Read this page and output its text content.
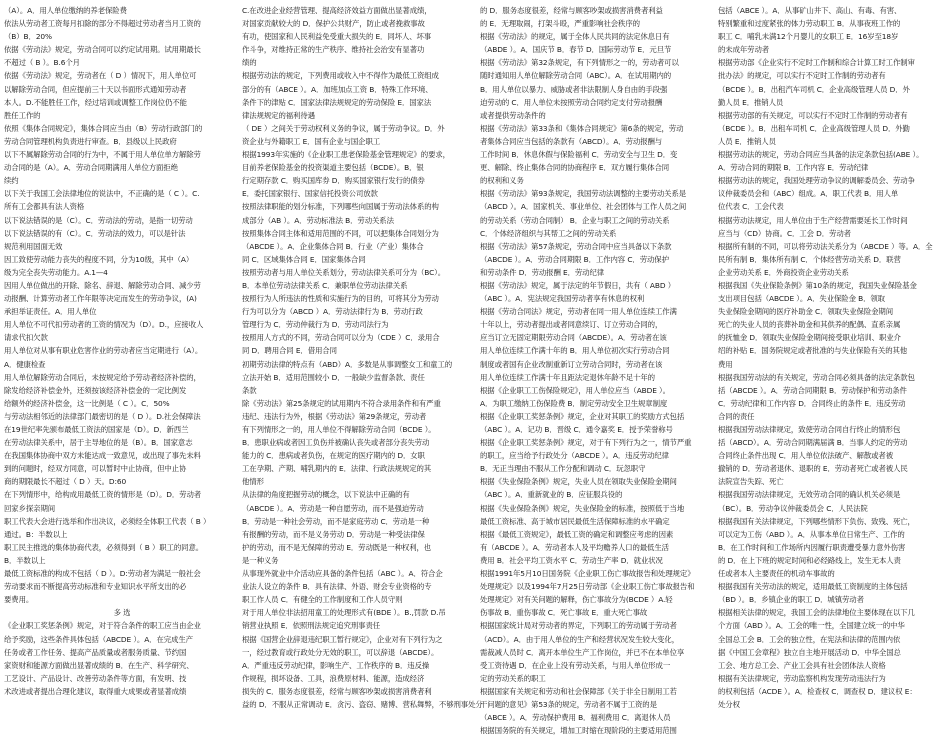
（A）。A．用人单位缴纳的养老保险费
依法从劳动者工资每月扣除的部分不得超过劳动者当月工资的
（B）B．20%
依据《劳动法》规定，劳动合同可以约定试用期。试用期最长
不超过（ B ）。B.6个月
依据《劳动法》规定，劳动者在（ D ）情况下，用人单位可
以解除劳动合同，但应提前三十天以书面形式通知劳动者
本人。D.不能胜任工作，经过培训或调整工作岗位仍不能
胜任工作的
依照《集体合同规定》，集体合同应当由（B）劳动行政部门的
劳动合同管理机构负责进行审查。B．县级以上民政府
以下不属解除劳动合同的行为中，不属于用人单位单方解除劳
动合同的是（A）。A．劳动合同期满用人单位方面拒绝
续约
以下关于我国工会法律地位的说法中，不正确的是（ C ）。C.
所有工会都具有法人资格
以下说法错误的是（C）。C．劳动法的劳动，是指一切劳动
以下说法错误的有（C）。C．劳动法的效力，可以是针法
规范利用国面无效
因工致使劳动能力丧失的程度不同，分为10级，其中（A）
级为完全丧失劳动能力。A.1—4
因用人单位做出的开除、除名、辞退、解除劳动合同、减少劳
动报酬、计算劳动者工作年限等决定而发生的劳动争议，(A)
承担举证责任。A．用人单位
用人单位不可代扣劳动者的工资的情况为（D）。D.，应接收人
请求代扣欠款
用人单位对从事有职业危害作业的劳动者应当定期进行（A）。
A．健康检查
用人单位解除劳动合同后，未按规定给予劳动者经济补偿的，
除发给经济补偿金外，还须按该经济补偿金的一定比例发
给额外的经济补偿金，这一比例是（ C ）。C．50%
与劳动法相邻近的法律部门最密切的是（ D ）。D.社会保障法
在19世纪率先颁布最低工资法的国家是（D）。D．新西兰
在劳动法律关系中，居于主导地位的是（B）。B．国家意志
在我国集体协商中双方未能达成一致意见，或出现了事先未料
到的问题时，经双方同意，可以暂时中止协商，但中止协
商的期限最长不超过（ D ）天。D:60
在下列情形中，给构成用最低工资的情形是（D）。D．劳动者
回家乡探亲期间
职工代表大会进行选举和作出决议，必须经全体职工代表（ B ）
通过。B：半数以上
职工民主推选的集体协商代表，必须得到（ B ）职工的同意。
B．半数以上
最低工资标准的构成不包括（ D ）。D:劳动者为满足一般社会
劳动要求而不断提高劳动标准和专业知识水平所支出的必
要费用。
多 选
《企业职工奖惩条例》规定，对于符合条件的职工应当由企业
给予奖励，这些条件具体包括（ABCDE ）。A．在完成生产
任务或者工作任务、提高产品质量或者服务质量、节约国
家资财和能源方面做出显著成绩的 B．在生产、科学研究、
工艺设计、产品设计、改善劳动条件等方面，有发明、技
术改进或者提出合理化建议，取得重大成果或者显著成绩
C.在改进企业经营管理、提高经济效益方面做出显著成绩，
对国家贡献较大的 D．保护公共财产，防止或者挽救事故
有功，使国家和人民利益免受重大损失的 E．同坏人、坏事
作斗争，对维持正常的生产秩序、维持社会治安有显著功
绩的
根据劳动法的规定，下列费用或收入中不得作为最低工资组成
部分的有（ABCE ）。A．加班加点工资 B．特殊工作环境、
条件下的津贴 C．国家法律法规规定的劳动保险 E．国家法
律法规规定的福利待遇
（ DE ）之间关于劳动权利义务的争议，属于劳动争议。D．外
资企业与外籍职工 E．国有企业与国企职工
根据1993年实施的《企业职工患老保险基金管理规定》的要求，
目前养老保险基金的投资渠道主要包括（BCDE）。B．银
行定期存款 C．购买国库券 D．购买国家银行发行的债券
E．委托国家银行、国家信托投资公司放款
按照法律职能的划分标准，下列哪些向国属于劳动法体系的构
成部分（AB ）。A．劳动标准法 B．劳动关系法
按照集体合同主体和适用范围的不同，可以把集体合同划分为
（ABCDE ）。A．企业集体合同 B．行业（产业）集体合
同 C．区域集体合同 E．国家集体合同
按照劳动者与用人单位关系划分，劳动法律关系可分为（BC）。
B．本单位劳动法律关系 C．兼职单位劳动法律关系
按照行为人所违法的性质和实施行为的目的，可将其分为劳动
行为可以分为（ABCD ）A．劳动法律行为 B．劳动行政
管理行为 C．劳动仲裁行为 D．劳动司法行为
按照用人方式的不同，劳动合同可以分为（CDE ）C．录用合
同 D．聘用合同 E．借用合同
初期劳动法律的特点有（ABD）A．多数是从事调整女工和童工的
立法开始 B．适用范围较小 D．一般缺少监督条款、责任
条款
除《劳动法》第25条规定的试用期内不符合录用条件和有严重
违纪、违法行为外，根据《劳动法》第29条规定，劳动者
有下列情形之一的，用人单位不得解除劳动合同（BCDE ）。
B．患职业病或者因工负伤并被确认丧失或者部分丧失劳动
能力的 C．患病或者负伤，在规定的医疗期内的 D．女职
工在孕期、产期、哺乳期内的 E．法律、行政法规规定的其
他情形
从法律的角度把握劳动的概念，以下说法中正确的有
（ABCDE ）。A．劳动是一种自愿劳动，而不是强迫劳动
B．劳动是一种社会劳动，而不是家庭劳动 C．劳动是一种
有报酬的劳动，而不是义务劳动 D．劳动是一种受法律保
护的劳动，而不是无保障的劳动 E．劳动既是一种权利，也
是一种义务
从事现外就业中介活动应具备的条件包括（ABC ）。A．符合企
业法人设立的条件 B．具有法律、外语、财会专业资格的专
职工作人员 C．有健全的工作制度和工作人员守则
对于用人单位非法招用童工的处理形式有(BDE ）。B.,罚款 D.吊
销营业执照 E．依照刑法规定追究刑事责任
根据《国营企业辞退违纪职工暂行规定》，企业对有下列行为之
一，经过教育或行政处分无效的职工，可以辞退（ABCDE）。
A．严重违反劳动纪律，影响生产、工作秩序的 B．违反操
作规程，损坏设备、工具，浪费原材料、能源，造成经济
损失的 C．服务态度很差，经常与顾客吵架或损害消费者利
益的 D．不服从正常调动 E．贪污、盗窃、赌博、营私舞弊，不够刑事处分
的 D．服务态度很差，经常与顾客吵架或损害消费者利益
的 E．无理取闹，打架斗殴，严重影响社会秩序的
根据《劳动法》的规定，属于全体人民共同的法定休息日有
（ABDE ）。A．国庆节 B．春节 D．国际劳动节 E．元旦节
根据《劳动法》第32条规定，有下列情形之一的，劳动者可以
随时通知用人单位解除劳动合同（ABC）。A．在试用期内的
B．用人单位以暴力、威胁或者非法限制人身自由的手段强
迫劳动的 C．用人单位未按照劳动合同约定支付劳动报酬
或者提供劳动条件的
根据《劳动法》第33条和《集体合同规定》第6条的规定，劳动
者集体合同应当包括的条款有（ABCD）。A．劳动报酬与
工作时间 B．休息休假与保险福利 C．劳动安全与卫生 D．变
更、解除、终止集体合同的协商程序 E．双方履行集体合同
的权利和义务
根据《劳动法》第93条规定，我国劳动法调整的主要劳动关系是
（ABCD ）。A．国家机关、事业单位、社会团体与工作人员之间
的劳动关系（劳动合同制） B．企业与职工之间的劳动关系
C．个体经济组织与其帮工之间的劳动关系
根据《劳动法》第57条规定，劳动合同中应当具备以下条款
（ABCDE ）。A．劳动合同期限 B．工作内容 C．劳动保护
和劳动条件 D．劳动报酬 E．劳动纪律
根据《劳动法》规定，属于法定的年节假日，共有（ ABD ）
（ABC ）。A．宪法规定我国劳动者享有休息的权利
根据《劳动合同法》规定，劳动者在同一用人单位连续工作满
十年以上，劳动者提出或者同意续订、订立劳动合同的，
应当订立无固定期限劳动合同（ABCDE）。A．劳动者在该
用人单位连续工作满十年的 B．用人单位初次实行劳动合同
制度或者国有企业改制重新订立劳动合同时，劳动者在该
用人单位连续工作满十年且距法定退休年龄不足十年的
根据《企业职工工伤保险规定》，用人单位应当（ABDE ）。
A．为职工缴纳工伤保险费 B．制定劳动安全卫生规章制度
根据《企业职工奖惩条例》规定，企业对其职工的奖励方式包括
（ABC ）。A．记功 B．晋级 C．通令嘉奖 E．授予荣誉称号
根据《企业职工奖惩条例》规定，对于有下列行为之一，情节严重
的职工，应当给予行政处分（ABCDE ）。A．违反劳动纪律
B．无正当理由不服从工作分配和调动 C．玩忽职守
根据《失业保险条例》规定，失业人员在领取失业保险金期间
（ABC ）。A．重新就业的 B．应征服兵役的
根据《失业保险条例》规定，失业保险金的标准，按照低于当地
最低工资标准、高于城市居民最低生活保障标准的水平确定
根据《最低工资规定》，最低工资的确定和调整应考虑的因素
有（ABCDE ）。A．劳动者本人及平均赡养人口的最低生活
费用 B．社会平均工资水平 C．劳动生产率 D．就业状况
根据1991年5月10日国务院《企业职工伤亡事故报告和处理规定》
处理规定》以及1994年7月25日劳动部《企业职工伤亡事故报告和
处理规定》对有关问题的解释，伤亡事故分为(BCDE ）A.轻
伤事故 B．重伤事故 C．死亡事故 E．重大死亡事故
根据国家统计局对劳动者的界定，下列职工的劳动属于劳动者
（ACD）。A．由于用人单位的生产和经营状况发生较大变化，
需裁减人员时 C．离开本单位生产工作岗位，并已不在本单位享
受工资待遇 D．在企业上没有劳动关系，与用人单位形成一
定的劳动关系的职工
根据国家有关规定和劳动和社会保障部《关于非全日制用工若
干问题的意见》第53条的规定，劳动者不属于工资的是
（ABCE ）。A．劳动保护费用 B．福利费用 C．离退休人员
根据国务院的有关规定，增加工时缩在现阶段的主要适用范围
包括（ABCE ）。A．从事矿山井下、高山、有毒、有害、
特别繁重和过度紧张的体力劳动职工 B．从事夜班工作的
职工 C．哺乳未满12个月婴儿的女职工 E．16岁至18岁
的未成年劳动者
根据劳动部《企业实行不定时工作制和综合计算工时工作制审
批办法》的规定，可以实行不定时工作制的劳动者有
（BCDE ）。B．出租汽车司机 C．企业高级管理人员 D．外
勤人员 E．推销人员
根据劳动部的有关规定，可以实行不定时工作制的劳动者有
（BCDE ）。B．出租车司机 C．企业高级管理人员 D．外勤
人员 E．推销人员
根据劳动法的规定，劳动合同应当具备的法定条款包括(ABE ）。
A．劳动合同的期限 B．工作内容 E．劳动纪律
根据劳动法的规定，我国处理劳动争议的调解委员会、劳动争
议仲裁委员会和（ABC）组成。A．职工代表 B．用人单
位代表 C．工会代表
根据劳动法规定，用人单位由于生产经营需要延长工作时间
应当与（CD）协商。C．工会 D．劳动者
根据所有制的不同，可以将劳动法关系分为（ABCDE ）等。A．全
民所有制 B．集体所有制 C．个体经营劳动关系 D．联营
企业劳动关系 E．外商投资企业劳动关系
根据我国《失业保险条例》第10条的规定，我国失业保险基金
支出项目包括（ABCDE ）。A．失业保险金 B．领取
失业保险金期间的医疗补助金 C．领取失业保险金期间
死亡的失业人员的丧葬补助金和其供养的配偶、直系亲属
的抚恤金 D．领取失业保险金期间接受职业培训、职业介
绍的补贴 E．国务院规定或者批准的与失业保险有关的其他
费用
根据我国劳动法的有关规定，劳动合同必须具备的法定条款包
括（ABCDE ）。A．劳动合同期限 B．劳动保护和劳动条件
C．劳动纪律和工作内容 D．合同终止的条件 E．违反劳动
合同的责任
根据我国劳动法律规定，致使劳动合同自行终止的情形包
括（ABCD）。A．劳动合同期满届满 B．当事人约定的劳动
合同终止条件出现 C．用人单位依法破产、解散或者被
撤销的 D．劳动者退休、退职的 E．劳动者死亡或者被人民
法院宣告失踪、死亡
根据我国劳动法律规定，无效劳动合同的确认机关必须是
（BC）。B．劳动争议仲裁委员会 C．人民法院
根据我国有关法律规定，下列哪些情形下负伤、致残、死亡，
可以定为工伤（ABD ）。A．从事本单位日常生产、工作的
B．在工作时间和工作场所内因履行职责遭受暴力意外伤害
的 D．在上下班的规定时间和必经路线上，发生无本人责
任或者本人主要责任的机动车事故的
根据我国有关劳动法的规定，适用最低工资制度的主体包括
（BD ）。B．乡镇企业的职工 D．城镇劳动者
根据相关法律的规定，我国工会的法律地位主要体现在以下几
个方面（ABD ）。A．工会的唯一性，全国建立统一的中华
全国总工会 B．工会的独立性，在宪法和法律的范围内依
据《中国工会章程》独立自主地开展活动 D．中华全国总
工会、地方总工会、产业工会具有社会团体法人资格
根据有关法律规定，劳动监察机构发现劳动违法行为
的权利包括（ACDE ）。A．检查权 C．调查权 D．建议权 E：
处分权
